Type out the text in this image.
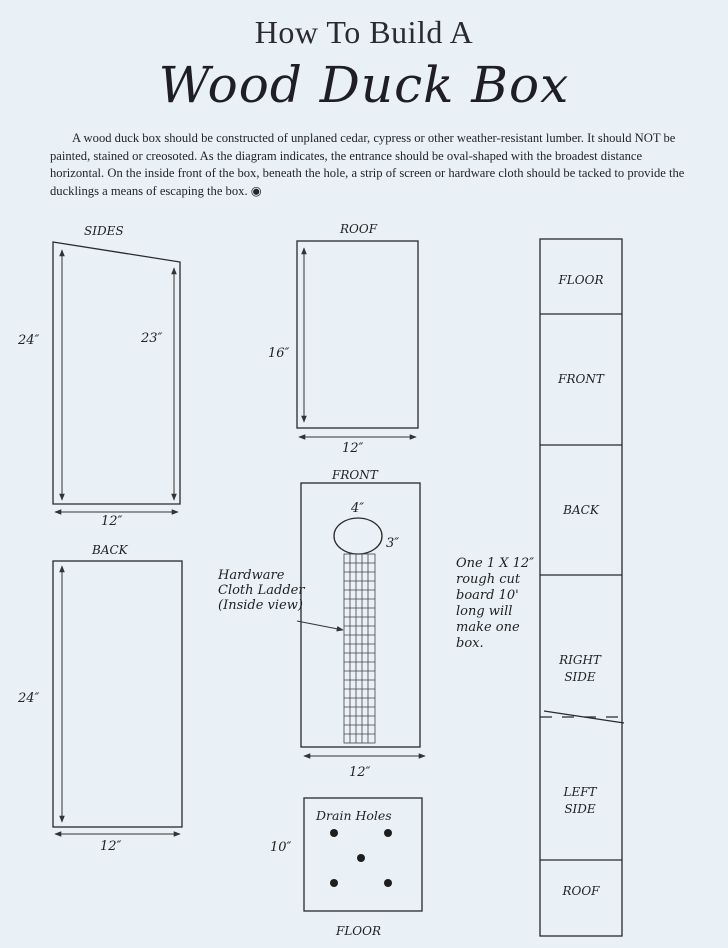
How To Build A
Wood Duck Box
A wood duck box should be constructed of unplaned cedar, cypress or other weather-resistant lumber. It should NOT be painted, stained or creosoted. As the diagram indicates, the entrance should be oval-shaped with the broadest distance horizontal. On the inside front of the box, beneath the hole, a strip of screen or hardware cloth should be tacked to provide the ducklings a means of escaping the box. ◉
SIDES
24″	23″
12″
BACK
24″
12″
ROOF
16″
12″
FRONT
4″
3″
12″
Hardware Cloth Ladder (Inside view)
Drain Holes
10″
FLOOR
FLOOR
FRONT
BACK
RIGHT SIDE
LEFT SIDE
ROOF
One 1 X 12″ rough cut board 10' long will make one box.
